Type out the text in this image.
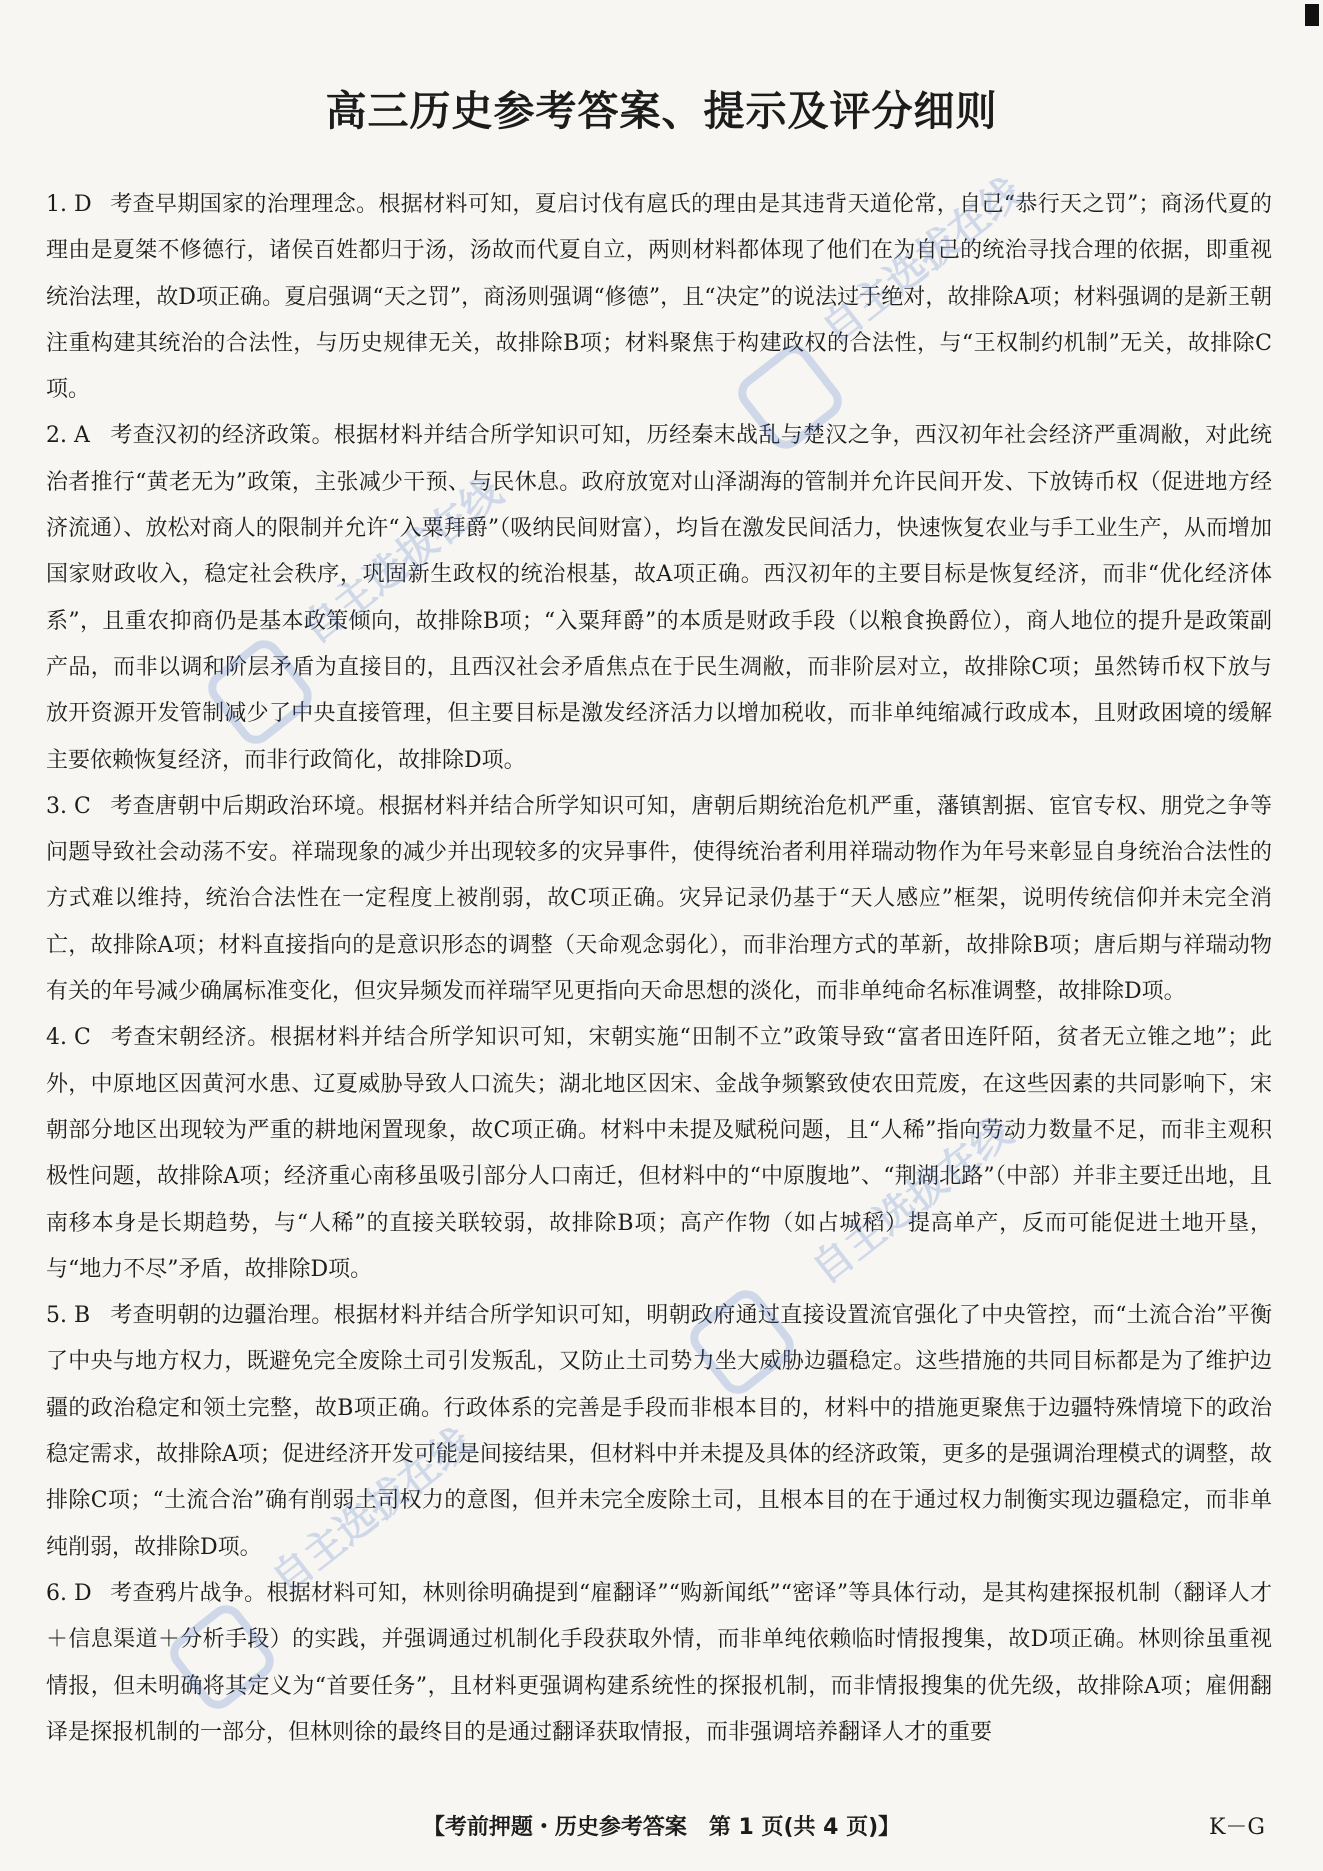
高三历史参考答案、提示及评分细则

1. D 考查早期国家的治理理念。根据材料可知，夏启讨伐有扈氏的理由是其违背天道伦常，自己“恭行天之罚”；商汤代夏的理由是夏桀不修德行，诸侯百姓都归于汤，汤故而代夏自立，两则材料都体现了他们在为自己的统治寻找合理的依据，即重视统治法理，故D项正确。夏启强调“天之罚”，商汤则强调“修德”，且“决定”的说法过于绝对，故排除A项；材料强调的是新王朝注重构建其统治的合法性，与历史规律无关，故排除B项；材料聚焦于构建政权的合法性，与“王权制约机制”无关，故排除C项。

2. A 考查汉初的经济政策。根据材料并结合所学知识可知，历经秦末战乱与楚汉之争，西汉初年社会经济严重凋敝，对此统治者推行“黄老无为”政策，主张减少干预、与民休息。政府放宽对山泽湖海的管制并允许民间开发、下放铸币权（促进地方经济流通）、放松对商人的限制并允许“入粟拜爵”（吸纳民间财富），均旨在激发民间活力，快速恢复农业与手工业生产，从而增加国家财政收入，稳定社会秩序，巩固新生政权的统治根基，故A项正确。西汉初年的主要目标是恢复经济，而非“优化经济体系”，且重农抑商仍是基本政策倾向，故排除B项；“入粟拜爵”的本质是财政手段（以粮食换爵位），商人地位的提升是政策副产品，而非以调和阶层矛盾为直接目的，且西汉社会矛盾焦点在于民生凋敝，而非阶层对立，故排除C项；虽然铸币权下放与放开资源开发管制减少了中央直接管理，但主要目标是激发经济活力以增加税收，而非单纯缩减行政成本，且财政困境的缓解主要依赖恢复经济，而非行政简化，故排除D项。

3. C 考查唐朝中后期政治环境。根据材料并结合所学知识可知，唐朝后期统治危机严重，藩镇割据、宦官专权、朋党之争等问题导致社会动荡不安。祥瑞现象的减少并出现较多的灾异事件，使得统治者利用祥瑞动物作为年号来彰显自身统治合法性的方式难以维持，统治合法性在一定程度上被削弱，故C项正确。灾异记录仍基于“天人感应”框架，说明传统信仰并未完全消亡，故排除A项；材料直接指向的是意识形态的调整（天命观念弱化），而非治理方式的革新，故排除B项；唐后期与祥瑞动物有关的年号减少确属标准变化，但灾异频发而祥瑞罕见更指向天命思想的淡化，而非单纯命名标准调整，故排除D项。

4. C 考查宋朝经济。根据材料并结合所学知识可知，宋朝实施“田制不立”政策导致“富者田连阡陌，贫者无立锥之地”；此外，中原地区因黄河水患、辽夏威胁导致人口流失；湖北地区因宋、金战争频繁致使农田荒废，在这些因素的共同影响下，宋朝部分地区出现较为严重的耕地闲置现象，故C项正确。材料中未提及赋税问题，且“人稀”指向劳动力数量不足，而非主观积极性问题，故排除A项；经济重心南移虽吸引部分人口南迁，但材料中的“中原腹地”、“荆湖北路”（中部）并非主要迁出地，且南移本身是长期趋势，与“人稀”的直接关联较弱，故排除B项；高产作物（如占城稻）提高单产，反而可能促进土地开垦，与“地力不尽”矛盾，故排除D项。

5. B 考查明朝的边疆治理。根据材料并结合所学知识可知，明朝政府通过直接设置流官强化了中央管控，而“土流合治”平衡了中央与地方权力，既避免完全废除土司引发叛乱，又防止土司势力坐大威胁边疆稳定。这些措施的共同目标都是为了维护边疆的政治稳定和领土完整，故B项正确。行政体系的完善是手段而非根本目的，材料中的措施更聚焦于边疆特殊情境下的政治稳定需求，故排除A项；促进经济开发可能是间接结果，但材料中并未提及具体的经济政策，更多的是强调治理模式的调整，故排除C项；“土流合治”确有削弱土司权力的意图，但并未完全废除土司，且根本目的在于通过权力制衡实现边疆稳定，而非单纯削弱，故排除D项。

6. D 考查鸦片战争。根据材料可知，林则徐明确提到“雇翻译”“购新闻纸”“密译”等具体行动，是其构建探报机制（翻译人才＋信息渠道＋分析手段）的实践，并强调通过机制化手段获取外情，而非单纯依赖临时情报搜集，故D项正确。林则徐虽重视情报，但未明确将其定义为“首要任务”，且材料更强调构建系统性的探报机制，而非情报搜集的优先级，故排除A项；雇佣翻译是探报机制的一部分，但林则徐的最终目的是通过翻译获取情报，而非强调培养翻译人才的重要

自主选拔在线
自主选拔在线
自主选拔在线
自主选拔在线
【考前押题・历史参考答案　第 1 页(共 4 页)】	K－G
